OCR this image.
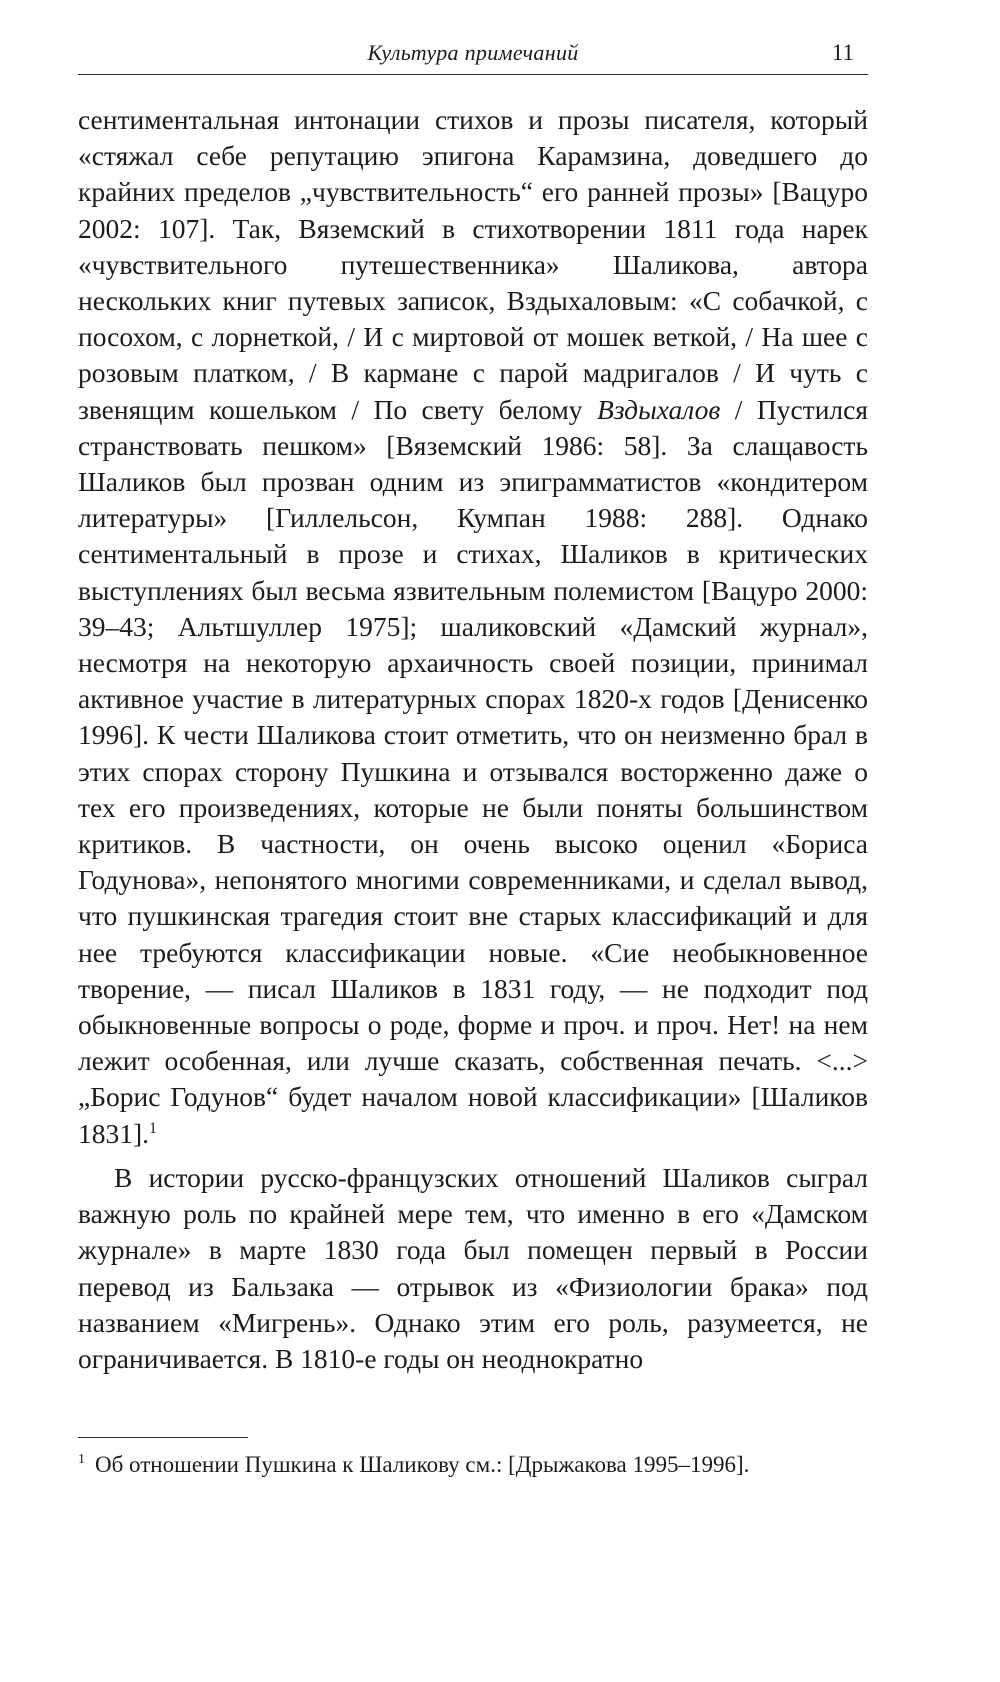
Культура примечаний	11

сентиментальная интонации стихов и прозы писателя, который «стяжал себе репутацию эпигона Карамзина, доведшего до крайних пределов „чувствительность“ его ранней прозы» [Вацуро 2002: 107]. Так, Вяземский в стихотворении 1811 года нарек «чувствительного путешественника» Шаликова, автора нескольких книг путевых записок, Вздыхаловым: «С собачкой, с посохом, с лорнеткой, / И с миртовой от мошек веткой, / На шее с розовым платком, / В кармане с парой мадригалов / И чуть с звенящим кошельком / По свету белому Вздыхалов / Пустился странствовать пешком» [Вяземский 1986: 58]. За слащавость Шаликов был прозван одним из эпиграмматистов «кондитером литературы» [Гиллельсон, Кумпан 1988: 288]. Однако сентиментальный в прозе и стихах, Шаликов в критических выступлениях был весьма язвительным полемистом [Вацуро 2000: 39–43; Альтшуллер 1975]; шаликовский «Дамский журнал», несмотря на некоторую архаичность своей позиции, принимал активное участие в литературных спорах 1820-х годов [Денисенко 1996]. К чести Шаликова стоит отметить, что он неизменно брал в этих спорах сторону Пушкина и отзывался восторженно даже о тех его произведениях, которые не были поняты большинством критиков. В частности, он очень высоко оценил «Бориса Годунова», непонятого многими современниками, и сделал вывод, что пушкинская трагедия стоит вне старых классификаций и для нее требуются классификации новые. «Сие необыкновенное творение, — писал Шаликов в 1831 году, — не подходит под обыкновенные вопросы о роде, форме и проч. и проч. Нет! на нем лежит особенная, или лучше сказать, собственная печать. <...> „Борис Годунов“ будет началом новой классификации» [Шаликов 1831].$^1$

В истории русско-французских отношений Шаликов сыграл важную роль по крайней мере тем, что именно в его «Дамском журнале» в марте 1830 года был помещен первый в России перевод из Бальзака — отрывок из «Физиологии брака» под названием «Мигрень». Однако этим его роль, разумеется, не ограничивается. В 1810-е годы он неоднократно

$^1$ Об отношении Пушкина к Шаликову см.: [Дрыжакова 1995–1996].
